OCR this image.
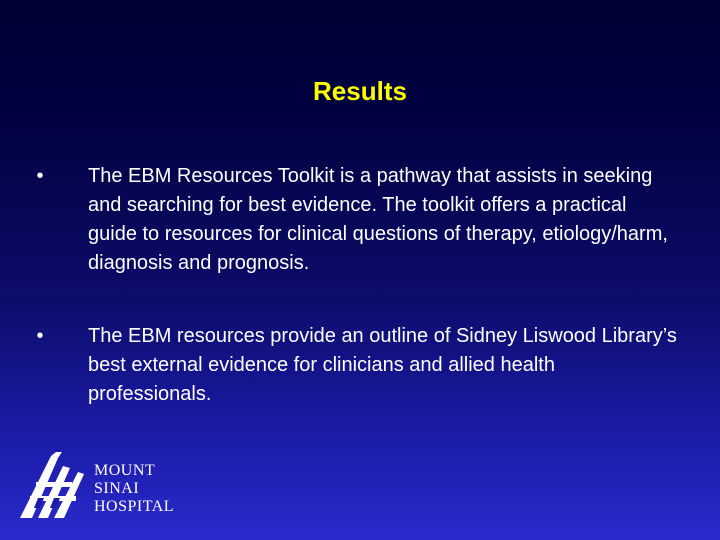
Results
•	The EBM Resources Toolkit is a pathway that assists in seeking and searching for best evidence. The toolkit offers a practical guide to resources for clinical questions of therapy, etiology/harm, diagnosis and prognosis.
•	The EBM resources provide an outline of Sidney Liswood Library’s best external evidence for clinicians and allied health professionals.
MOUNT
SINAI
HOSPITAL
